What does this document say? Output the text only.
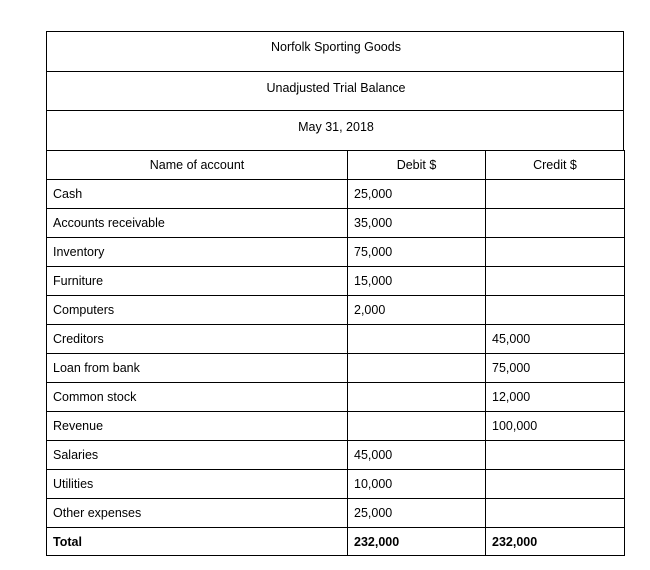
Norfolk Sporting Goods
Unadjusted Trial Balance
May 31, 2018
Name of account	Debit $	Credit $
Cash	25,000	
Accounts receivable	35,000	
Inventory	75,000	
Furniture	15,000	
Computers	2,000	
Creditors		45,000
Loan from bank		75,000
Common stock		12,000
Revenue		100,000
Salaries	45,000	
Utilities	10,000	
Other expenses	25,000	
Total	232,000	232,000
